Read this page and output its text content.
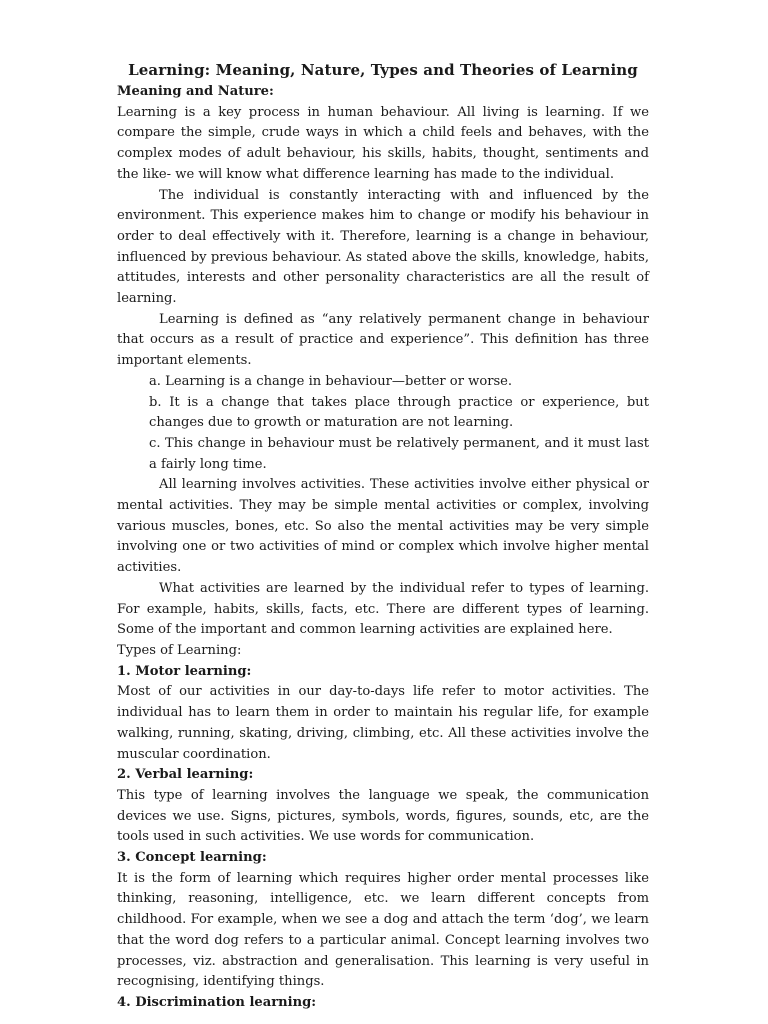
Learning: Meaning, Nature, Types and Theories of Learning
Meaning and Nature:

Learning is a key process in human behaviour. All living is learning. If we compare the simple, crude ways in which a child feels and behaves, with the complex modes of adult behaviour, his skills, habits, thought, sentiments and the like- we will know what difference learning has made to the individual.

The individual is constantly interacting with and influenced by the environment. This experience makes him to change or modify his behaviour in order to deal effectively with it. Therefore, learning is a change in behaviour, influenced by previous behaviour. As stated above the skills, knowledge, habits, attitudes, interests and other personality characteristics are all the result of learning.

Learning is defined as “any relatively permanent change in behaviour that occurs as a result of practice and experience”. This definition has three important elements.

a. Learning is a change in behaviour—better or worse.
b. It is a change that takes place through practice or experience, but changes due to growth or maturation are not learning.
c. This change in behaviour must be relatively permanent, and it must last a fairly long time.

All learning involves activities. These activities involve either physical or mental activities. They may be simple mental activities or complex, involving various muscles, bones, etc. So also the mental activities may be very simple involving one or two activities of mind or complex which involve higher mental activities.

What activities are learned by the individual refer to types of learning. For example, habits, skills, facts, etc. There are different types of learning. Some of the important and common learning activities are explained here.

Types of Learning:
1. Motor learning:

Most of our activities in our day-to-days life refer to motor activities. The individual has to learn them in order to maintain his regular life, for example walking, running, skating, driving, climbing, etc. All these activities involve the muscular coordination.

2. Verbal learning:

This type of learning involves the language we speak, the communication devices we use. Signs, pictures, symbols, words, figures, sounds, etc, are the tools used in such activities. We use words for communication.

3. Concept learning:

It is the form of learning which requires higher order mental processes like thinking, reasoning, intelligence, etc. we learn different concepts from childhood. For example, when we see a dog and attach the term ‘dog’, we learn that the word dog refers to a particular animal. Concept learning involves two processes, viz. abstraction and generalisation. This learning is very useful in recognising, identifying things.

4. Discrimination learning:
